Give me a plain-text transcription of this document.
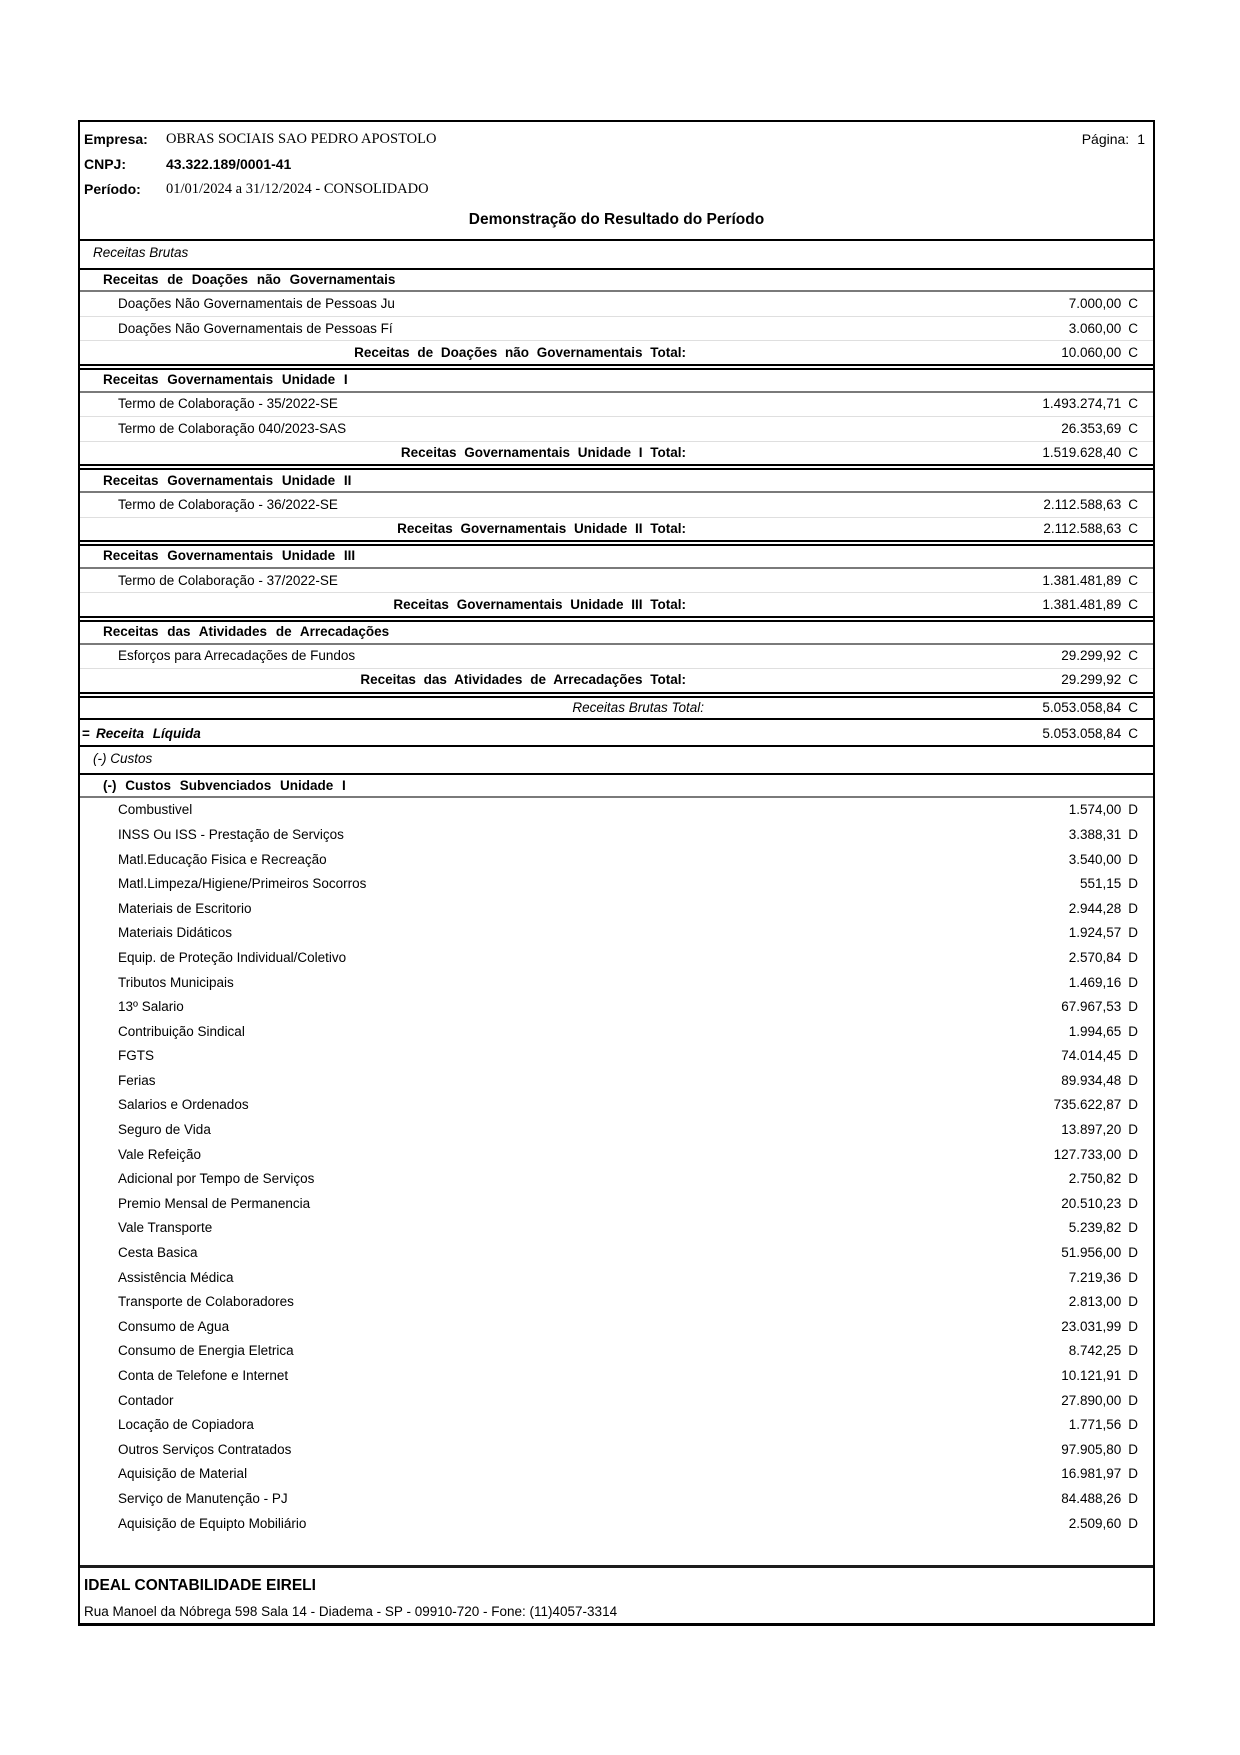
Empresa:	OBRAS SOCIAIS SAO PEDRO APOSTOLO	Página: 1
CNPJ:	43.322.189/0001-41
Período:	01/01/2024 a 31/12/2024 - CONSOLIDADO
Demonstração do Resultado do Período
Receitas Brutas
Receitas de Doações não Governamentais
Doações Não Governamentais de Pessoas Ju	7.000,00 C
Doações Não Governamentais de Pessoas Fí	3.060,00 C
Receitas de Doações não Governamentais Total:	10.060,00 C
Receitas Governamentais Unidade I
Termo de Colaboração - 35/2022-SE	1.493.274,71 C
Termo de Colaboração 040/2023-SAS	26.353,69 C
Receitas Governamentais Unidade I Total:	1.519.628,40 C
Receitas Governamentais Unidade II
Termo de Colaboração - 36/2022-SE	2.112.588,63 C
Receitas Governamentais Unidade II Total:	2.112.588,63 C
Receitas Governamentais Unidade III
Termo de Colaboração - 37/2022-SE	1.381.481,89 C
Receitas Governamentais Unidade III Total:	1.381.481,89 C
Receitas das Atividades de Arrecadações
Esforços para Arrecadações de Fundos	29.299,92 C
Receitas das Atividades de Arrecadações Total:	29.299,92 C
Receitas Brutas Total:	5.053.058,84 C
= Receita Líquida	5.053.058,84 C
(-) Custos
(-) Custos Subvenciados Unidade I
Combustivel	1.574,00 D
INSS Ou ISS - Prestação de Serviços	3.388,31 D
Matl.Educação Fisica e Recreação	3.540,00 D
Matl.Limpeza/Higiene/Primeiros Socorros	551,15 D
Materiais de Escritorio	2.944,28 D
Materiais Didáticos	1.924,57 D
Equip. de Proteção Individual/Coletivo	2.570,84 D
Tributos Municipais	1.469,16 D
13º Salario	67.967,53 D
Contribuição Sindical	1.994,65 D
FGTS	74.014,45 D
Ferias	89.934,48 D
Salarios e Ordenados	735.622,87 D
Seguro de Vida	13.897,20 D
Vale Refeição	127.733,00 D
Adicional por Tempo de Serviços	2.750,82 D
Premio Mensal de Permanencia	20.510,23 D
Vale Transporte	5.239,82 D
Cesta Basica	51.956,00 D
Assistência Médica	7.219,36 D
Transporte de Colaboradores	2.813,00 D
Consumo de Agua	23.031,99 D
Consumo de Energia Eletrica	8.742,25 D
Conta de Telefone e Internet	10.121,91 D
Contador	27.890,00 D
Locação de Copiadora	1.771,56 D
Outros Serviços Contratados	97.905,80 D
Aquisição de Material	16.981,97 D
Serviço de Manutenção - PJ	84.488,26 D
Aquisição de Equipto Mobiliário	2.509,60 D
IDEAL CONTABILIDADE EIRELI
Rua Manoel da Nóbrega 598 Sala 14 - Diadema - SP - 09910-720 - Fone: (11)4057-3314
